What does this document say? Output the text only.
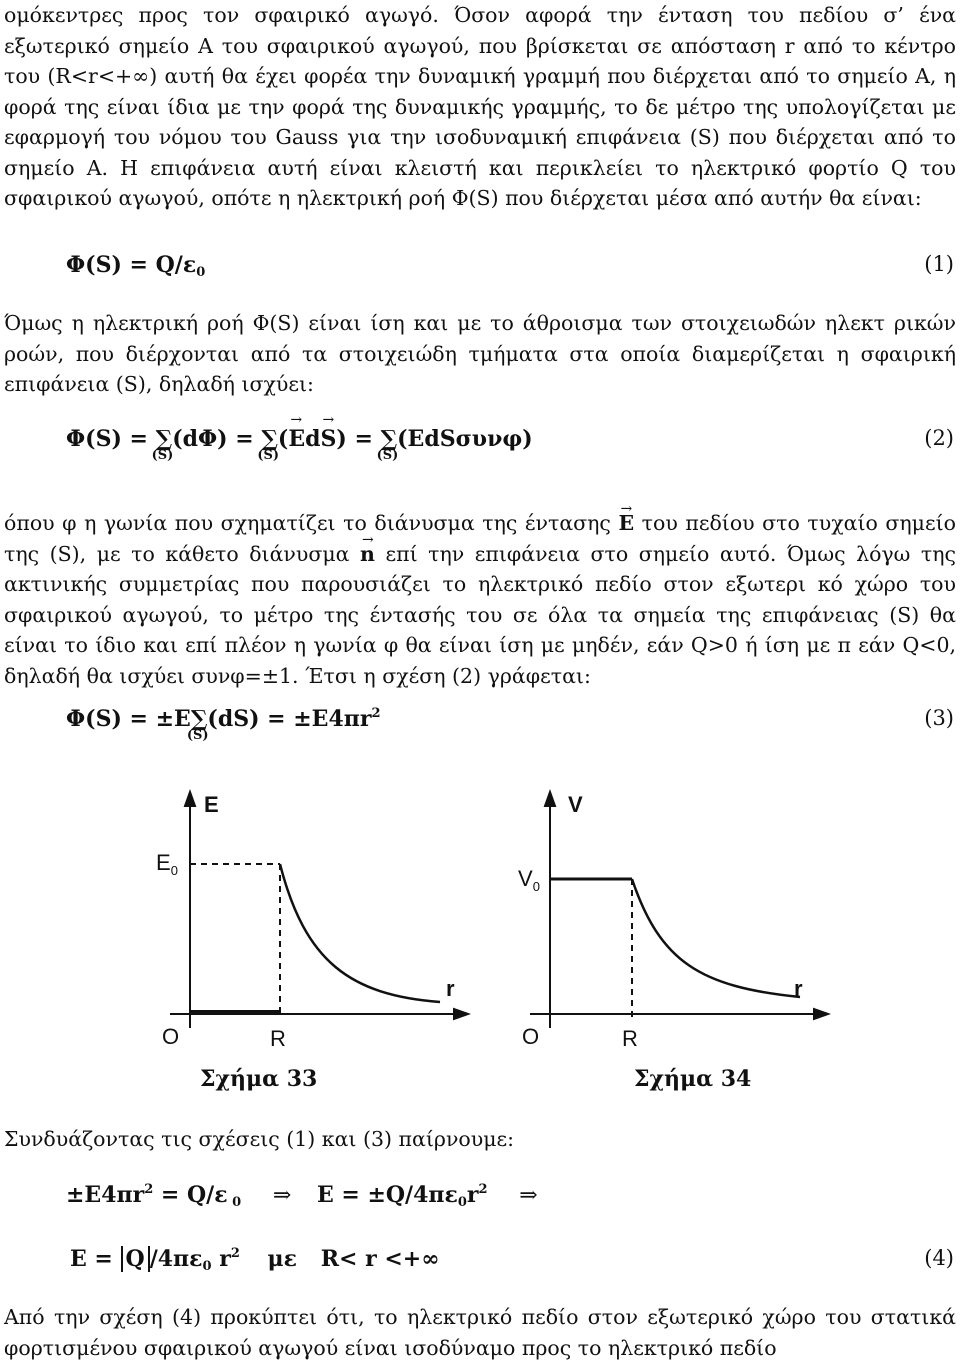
ομόκεντρες προς τον σφαιρικό αγωγό. Όσον αφορά την ένταση του πεδίου σ’ ένα εξωτερικό σημείο Α του σφαιρικού αγωγού, που βρίσκεται σε απόσταση r από το κέντρο του (R<r<+∞) αυτή θα έχει φορέα την δυναμική γραμμή που διέρχεται από το σημείο Α, η φορά της είναι ίδια με την φορά της δυναμικής γραμμής, το δε μέτρο της υπολογίζεται με εφαρμογή του νόμου του Gauss για την ισοδυναμική επιφάνεια (S) που διέρχεται από το σημείο Α. Η επιφάνεια αυτή είναι κλειστή και περικλείει το ηλεκτρικό φορτίο Q του σφαιρικού αγωγού, οπότε η ηλεκτρική ροή Φ(S) που διέρχεται μέσα από αυτήν θα είναι:

$\Phi(S) = Q/\varepsilon_0$	(1)

Όμως η ηλεκτρική ροή Φ(S) είναι ίση και με το άθροισμα των στοιχειωδών ηλεκτ ρικών ροών, που διέρχονται από τα στοιχειώδη τμήματα στα οποία διαμερίζεται η σφαιρική επιφάνεια (S), δηλαδή ισχύει:

Φ(S) = ∑
(S)
(dΦ) = ∑
(S)
(→ Ed→ S) = ∑
(S)
(EdSσυνφ)	(2)

όπου φ η γωνία που σχηματίζει το διάνυσμα της έντασης → E του πεδίου στο τυχαίο σημείο της (S), με το κάθετο διάνυσμα → n επί την επιφάνεια στο σημείο αυτό. Όμως λόγω της ακτινικής συμμετρίας που παρουσιάζει το ηλεκτρικό πεδίο στον εξωτερι κό χώρο του σφαιρικού αγωγού, το μέτρο της έντασής του σε όλα τα σημεία της επιφάνειας (S) θα είναι το ίδιο και επί πλέον η γωνία φ θα είναι ίση με μηδέν, εάν Q>0 ή ίση με π εάν Q<0, δηλαδή θα ισχύει συνφ=±1. Έτσι η σχέση (2) γράφεται:

Φ(S) = ±E∑
(S)
$(dS) = \pm E4\pi r^2$	(3)
E
r
O	R
$E_0$
V
r
O	R
$V_0$
Σχήμα 33	Σχήμα 34

Συνδυάζοντας τις σχέσεις (1) και (3) παίρνουμε:

$\pm E4\pi r^2 = Q/\varepsilon$ $_0$ ⇒ $E = \pm Q/4\pi\varepsilon_0r^2$ ⇒
E = Q $/4\pi\varepsilon_0$ $r^2$ με R< r <+∞	(4)

Από την σχέση (4) προκύπτει ότι, το ηλεκτρικό πεδίο στον εξωτερικό χώρο του στατικά φορτισμένου σφαιρικού αγωγού είναι ισοδύναμο προς το ηλεκτρικό πεδίο
